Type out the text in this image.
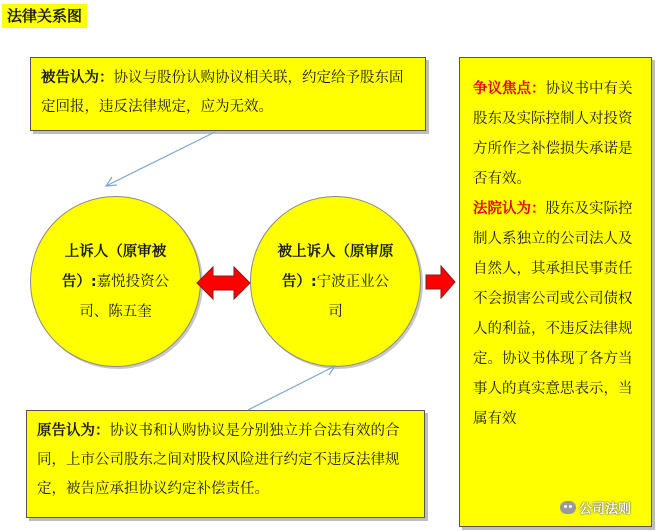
法律关系图
被告认为：协议与股份认购协议相关联，约定给予股东固定回报，违反法律规定，应为无效。
上诉人（原审被告）:嘉悦投资公司、陈五奎
被上诉人（原审原告）:宁波正业公司
原告认为：协议书和认购协议是分别独立并合法有效的合同，上市公司股东之间对股权风险进行约定不违反法律规定，被告应承担协议约定补偿责任。
争议焦点：协议书中有关股东及实际控制人对投资方所作之补偿损失承诺是否有效。
法院认为：股东及实际控制人系独立的公司法人及自然人，其承担民事责任不会损害公司或公司债权人的利益，不违反法律规定。协议书体现了各方当事人的真实意思表示，当属有效
公司法则
